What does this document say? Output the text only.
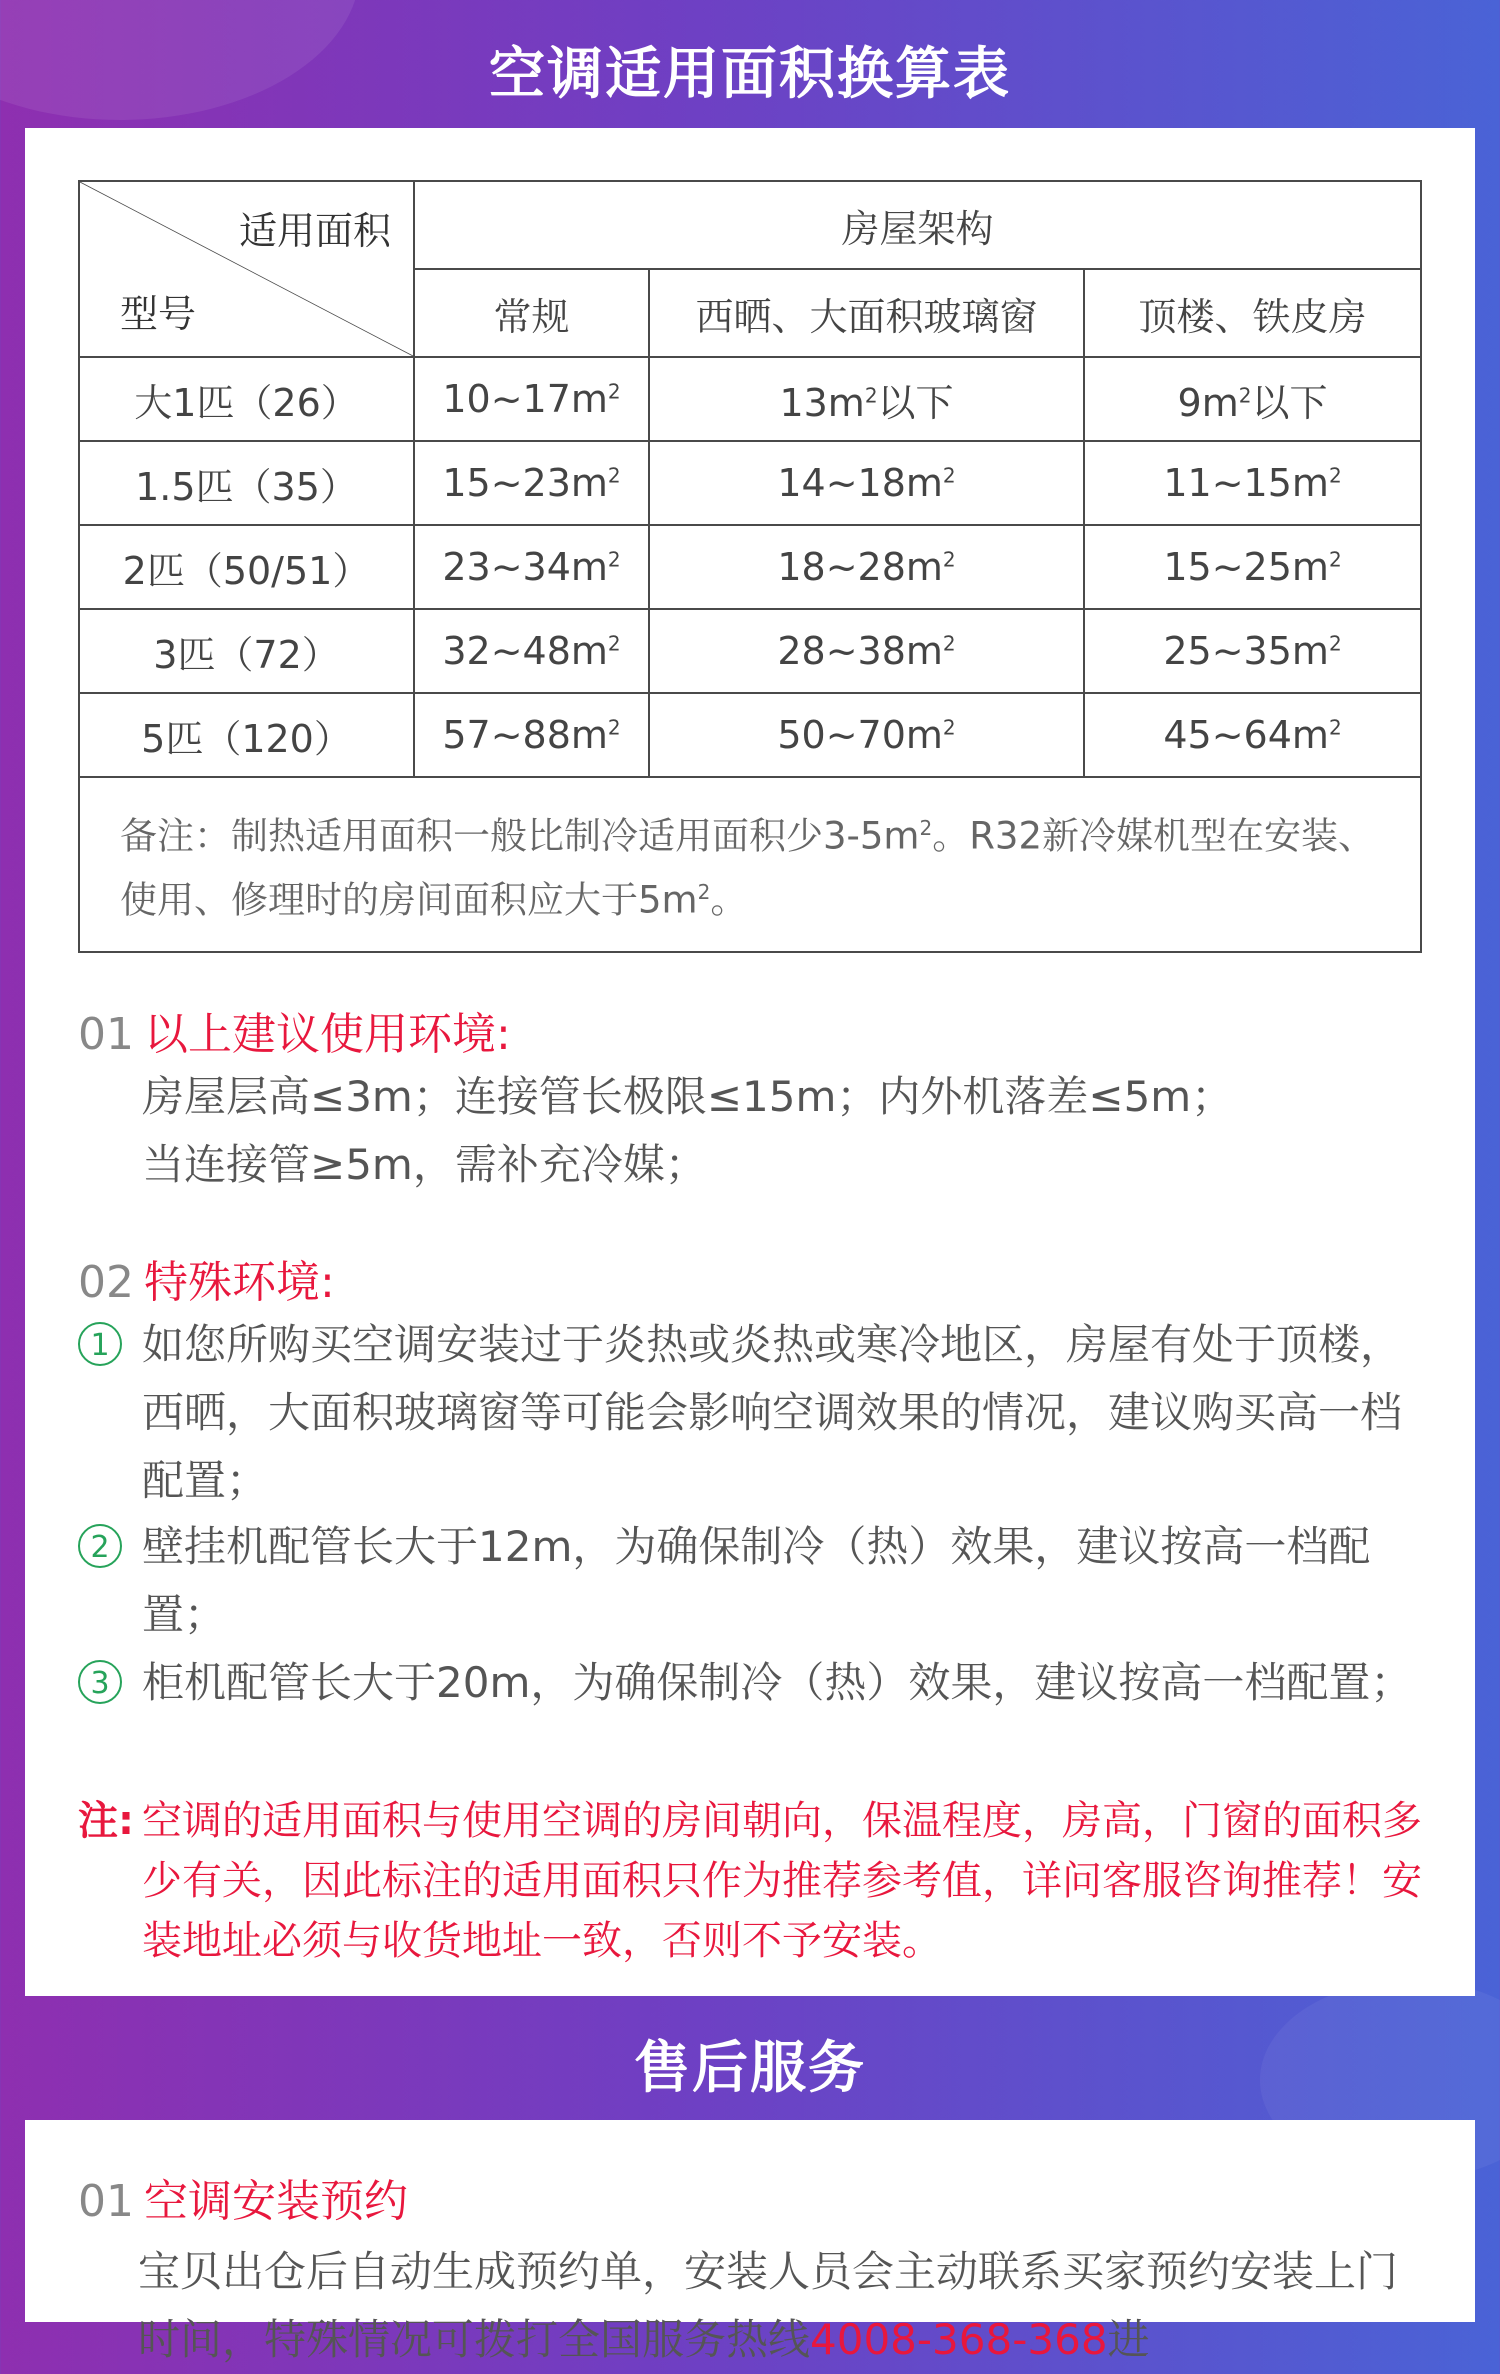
空调适用面积换算表
适用面积
型号	房屋架构		
	常规	西晒、大面积玻璃窗	顶楼、铁皮房
大1匹（26）	$10\sim 17m^2$	$13m^2$以下	$9m^2$以下
1.5匹（35）	$15\sim 23m^2$	$14\sim 18m^2$	$11\sim 15m^2$
2匹（50/51）	$23\sim 34m^2$	$18\sim 28m^2$	$15\sim 25m^2$
3匹（72）	$32\sim 48m^2$	$28\sim 38m^2$	$25\sim 35m^2$
5匹（120）	$57\sim 88m^2$	$50\sim 70m^2$	$45\sim 64m^2$
备注：制热适用面积一般比制冷适用面积少$3-5m^2$。R32新冷媒机型在安装、使用、修理时的房间面积应大于$5m^2$。			
01 以上建议使用环境:
房屋层高≤3m；连接管长极限≤15m；内外机落差≤5m；
当连接管≥5m，需补充冷媒；
02 特殊环境:
1 如您所购买空调安装过于炎热或炎热或寒冷地区，房屋有处于顶楼，西晒，大面积玻璃窗等可能会影响空调效果的情况，建议购买高一档配置；
2 壁挂机配管长大于12m，为确保制冷（热）效果，建议按高一档配置；
3 柜机配管长大于20m，为确保制冷（热）效果，建议按高一档配置；
注: 空调的适用面积与使用空调的房间朝向，保温程度，房高，门窗的面积多少有关，因此标注的适用面积只作为推荐参考值，详问客服咨询推荐！安装地址必须与收货地址一致，否则不予安装。
售后服务
01 空调安装预约
宝贝出仓后自动生成预约单，安装人员会主动联系买家预约安装上门时间，特殊情况可拨打全国服务热线4008-368-368进
